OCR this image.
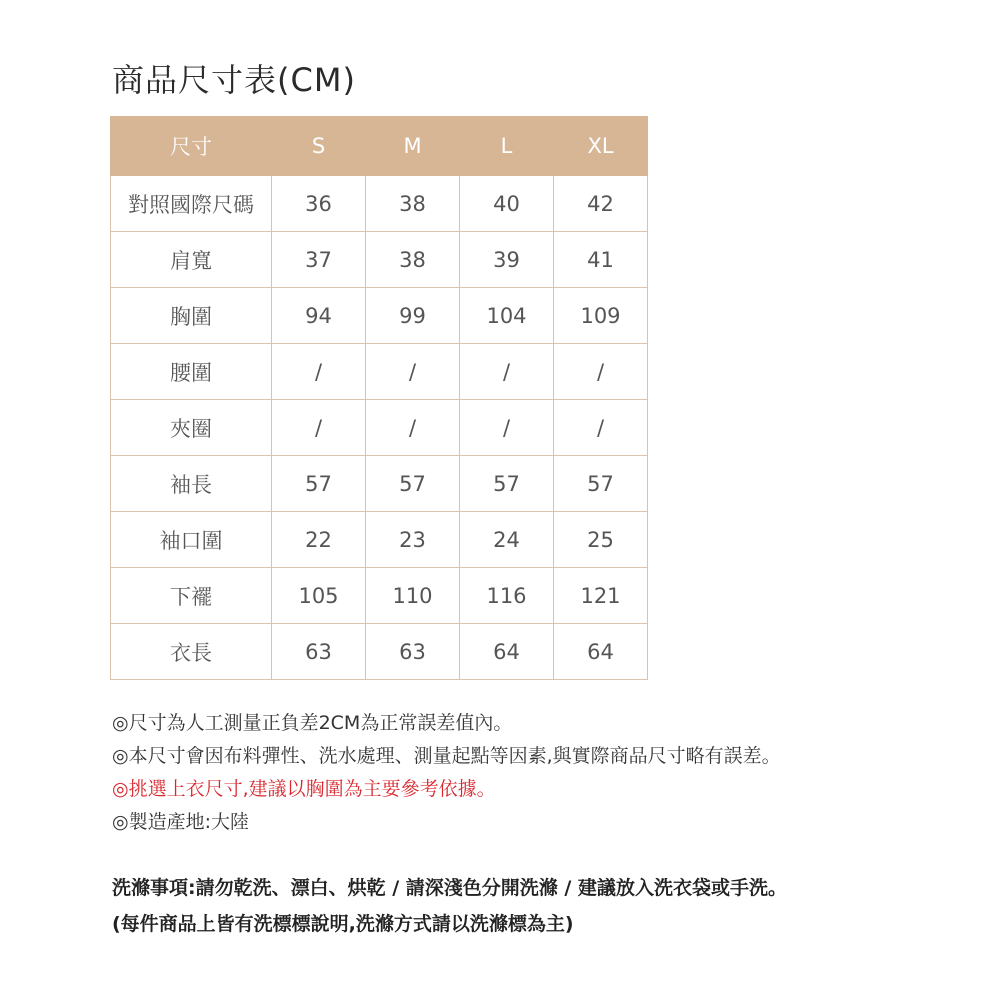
商品尺寸表(CM)
尺寸	S	M	L	XL
對照國際尺碼	36	38	40	42
肩寬	37	38	39	41
胸圍	94	99	104	109
腰圍	/	/	/	/
夾圈	/	/	/	/
袖長	57	57	57	57
袖口圍	22	23	24	25
下襬	105	110	116	121
衣長	63	63	64	64
◎尺寸為人工測量正負差2CM為正常誤差值內。
◎本尺寸會因布料彈性、洗水處理、測量起點等因素,與實際商品尺寸略有誤差。
◎挑選上衣尺寸,建議以胸圍為主要參考依據。
◎製造產地:大陸
洗滌事項:請勿乾洗、漂白、烘乾 / 請深淺色分開洗滌 / 建議放入洗衣袋或手洗。
(每件商品上皆有洗標標說明,洗滌方式請以洗滌標為主)
